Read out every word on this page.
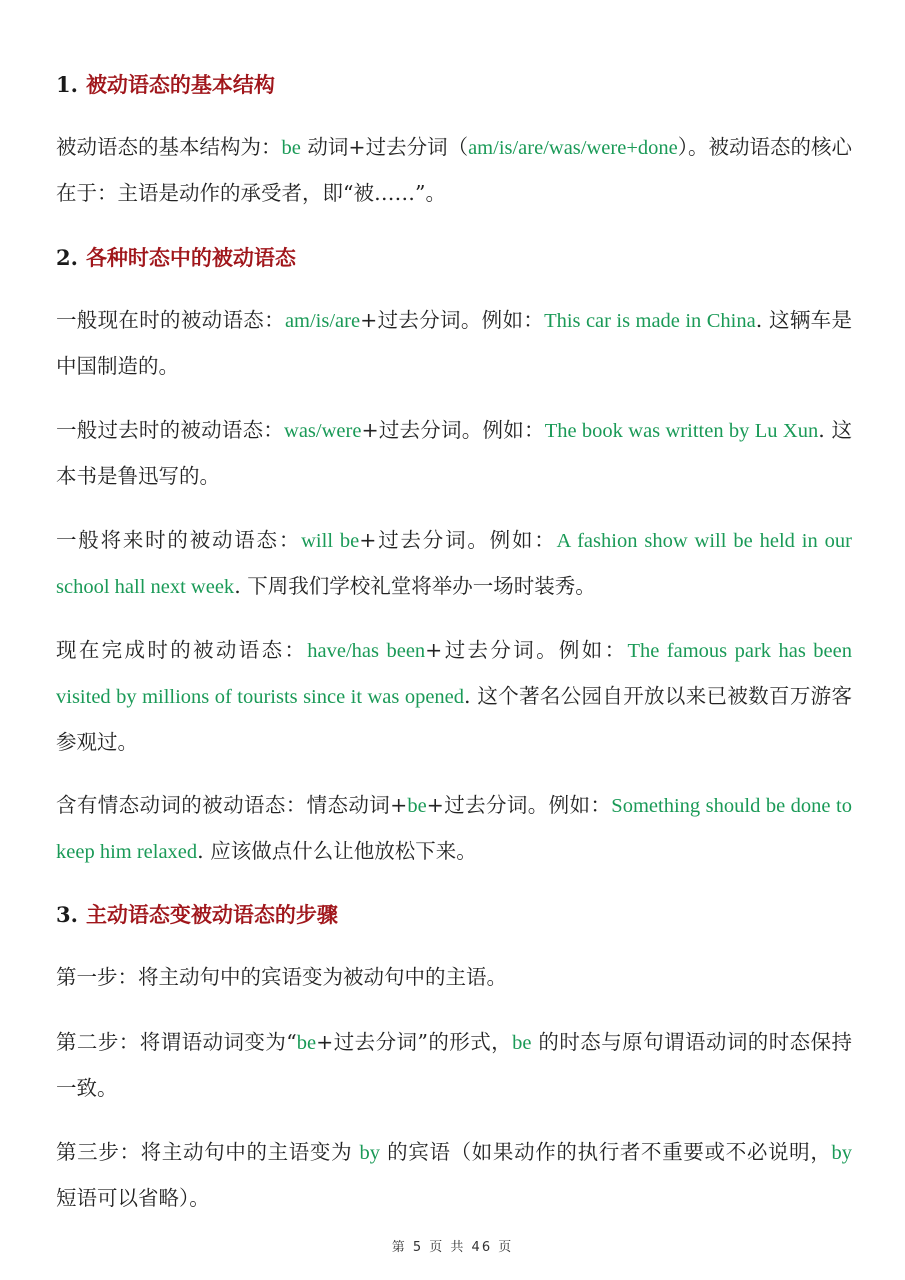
1. 被动语态的基本结构
被动语态的基本结构为：be 动词+过去分词（am/is/are/was/were+done）。被动语态的核心在于：主语是动作的承受者，即“被……”。
2. 各种时态中的被动语态
一般现在时的被动语态：am/is/are+过去分词。例如：This car is made in China. 这辆车是中国制造的。
一般过去时的被动语态：was/were+过去分词。例如：The book was written by Lu Xun. 这本书是鲁迅写的。
一般将来时的被动语态：will be+过去分词。例如：A fashion show will be held in our school hall next week. 下周我们学校礼堂将举办一场时装秀。
现在完成时的被动语态：have/has been+过去分词。例如：The famous park has been visited by millions of tourists since it was opened. 这个著名公园自开放以来已被数百万游客参观过。
含有情态动词的被动语态：情态动词+be+过去分词。例如：Something should be done to keep him relaxed. 应该做点什么让他放松下来。
3. 主动语态变被动语态的步骤
第一步：将主动句中的宾语变为被动句中的主语。
第二步：将谓语动词变为“be+过去分词”的形式，be 的时态与原句谓语动词的时态保持一致。
第三步：将主动句中的主语变为 by 的宾语（如果动作的执行者不重要或不必说明，by 短语可以省略）。
第 5 页 共 46 页
